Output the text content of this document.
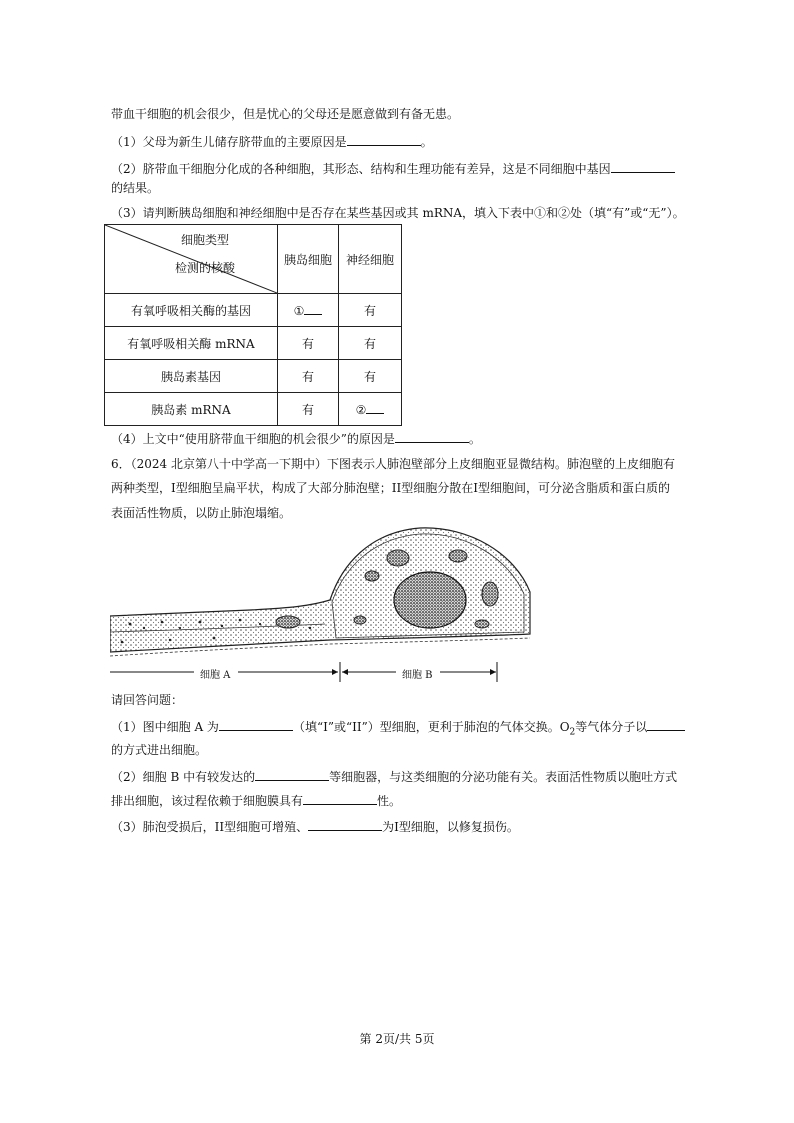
带血干细胞的机会很少，但是忧心的父母还是愿意做到有备无患。
（1）父母为新生儿储存脐带血的主要原因是	。
（2）脐带血干细胞分化成的各种细胞，其形态、结构和生理功能有差异，这是不同细胞中基因
的结果。
（3）请判断胰岛细胞和神经细胞中是否存在某些基因或其 mRNA，填入下表中①和②处（填“有”或“无”）。
细胞类型
检测的核酸	胰岛细胞	神经细胞
有氧呼吸相关酶的基因	①	有
有氧呼吸相关酶 mRNA	有	有
胰岛素基因	有	有
胰岛素 mRNA	有	②
（4）上文中“使用脐带血干细胞的机会很少”的原因是	。
6．（2024 北京第八十中学高一下期中）下图表示人肺泡壁部分上皮细胞亚显微结构。肺泡壁的上皮细胞有
两种类型，I型细胞呈扁平状，构成了大部分肺泡壁；II型细胞分散在I型细胞间，可分泌含脂质和蛋白质的
表面活性物质，以防止肺泡塌缩。
细胞 A	细胞 B
请回答问题：
（1）图中细胞 A 为	（填“I”或“II”）型细胞，更利于肺泡的气体交换。$O_2$等气体分子以
的方式进出细胞。
（2）细胞 B 中有较发达的	等细胞器，与这类细胞的分泌功能有关。表面活性物质以胞吐方式
排出细胞，该过程依赖于细胞膜具有	性。
（3）肺泡受损后，II型细胞可增殖、	为I型细胞，以修复损伤。
第 2页/共 5页
